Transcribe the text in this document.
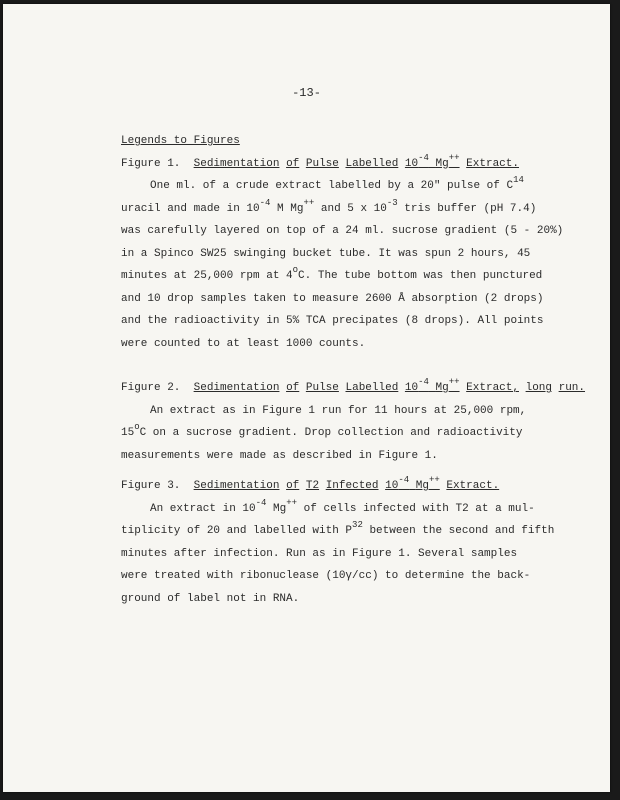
-13-

Legends to Figures

Figure 1. Sedimentation of Pulse Labelled $10^{-4}$ Mg++ Extract.

One ml. of a crude extract labelled by a 20" pulse of $C^{14}$
uracil and made in $10^{-4}$ M Mg++ and 5 x $10^{-3}$ tris buffer (pH 7.4)
was carefully layered on top of a 24 ml. sucrose gradient (5 - 20%)
in a Spinco SW25 swinging bucket tube. It was spun 2 hours, 45
minutes at 25,000 rpm at 4$^o$C. The tube bottom was then punctured
and 10 drop samples taken to measure 2600 Å absorption (2 drops)
and the radioactivity in 5% TCA precipates (8 drops). All points
were counted to at least 1000 counts.

Figure 2. Sedimentation of Pulse Labelled $10^{-4}$ Mg++ Extract, long run.

An extract as in Figure 1 run for 11 hours at 25,000 rpm,
15$^o$C on a sucrose gradient. Drop collection and radioactivity
measurements were made as described in Figure 1.

Figure 3. Sedimentation of T2 Infected $10^{-4}$ Mg++ Extract.

An extract in $10^{-4}$ Mg++ of cells infected with T2 at a mul-
tiplicity of 20 and labelled with $P^{32}$ between the second and fifth
minutes after infection. Run as in Figure 1. Several samples
were treated with ribonuclease (10γ/cc) to determine the back-
ground of label not in RNA.
